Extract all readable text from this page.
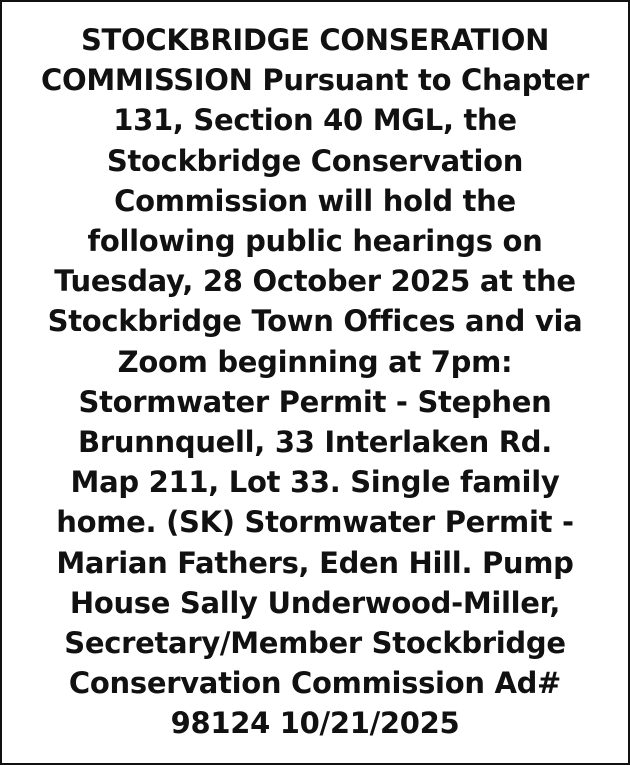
STOCKBRIDGE CONSERATION
COMMISSION Pursuant to Chapter
131, Section 40 MGL, the
Stockbridge Conservation
Commission will hold the
following public hearings on
Tuesday, 28 October 2025 at the
Stockbridge Town Offices and via
Zoom beginning at 7pm:
Stormwater Permit - Stephen
Brunnquell, 33 Interlaken Rd.
Map 211, Lot 33. Single family
home. (SK) Stormwater Permit -
Marian Fathers, Eden Hill. Pump
House Sally Underwood-Miller,
Secretary/Member Stockbridge
Conservation Commission Ad#
98124 10/21/2025
